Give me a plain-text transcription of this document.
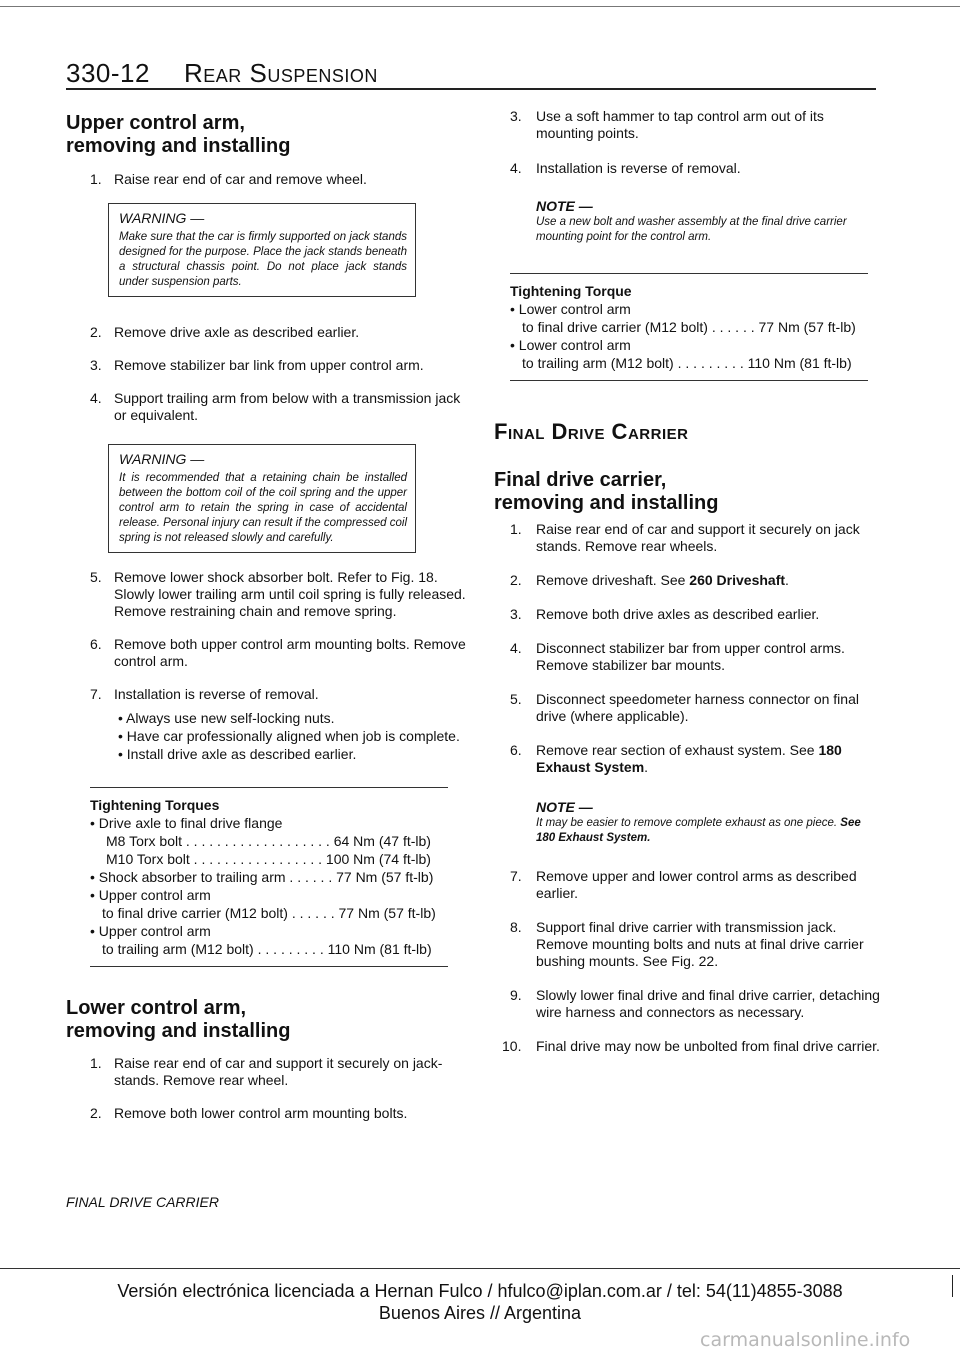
330-12 Rear Suspension
Upper control arm,
removing and installing
1. Raise rear end of car and remove wheel.
WARNING —
Make sure that the car is firmly supported on jack stands designed for the purpose. Place the jack stands beneath a structural chassis point. Do not place jack stands under suspension parts.
2. Remove drive axle as described earlier.
3. Remove stabilizer bar link from upper control arm.
4. Support trailing arm from below with a transmission jack or equivalent.
WARNING —
It is recommended that a retaining chain be installed between the bottom coil of the coil spring and the upper control arm to retain the spring in case of accidental release. Personal injury can result if the compressed coil spring is not released slowly and carefully.
5. Remove lower shock absorber bolt. Refer to Fig. 18. Slowly lower trailing arm until coil spring is fully released. Remove restraining chain and remove spring.
6. Remove both upper control arm mounting bolts. Remove control arm.
7. Installation is reverse of removal.
• Always use new self-locking nuts.
• Have car professionally aligned when job is complete.
• Install drive axle as described earlier.
Tightening Torques
• Drive axle to final drive flange
M8 Torx bolt . . . . . . . . . . . . . . . . . . . 64 Nm (47 ft-lb)
M10 Torx bolt . . . . . . . . . . . . . . . . . 100 Nm (74 ft-lb)
• Shock absorber to trailing arm . . . . . . 77 Nm (57 ft-lb)
• Upper control arm
to final drive carrier (M12 bolt) . . . . . . 77 Nm (57 ft-lb)
• Upper control arm
to trailing arm (M12 bolt) . . . . . . . . . 110 Nm (81 ft-lb)
Lower control arm,
removing and installing
1. Raise rear end of car and support it securely on jack-stands. Remove rear wheel.
2. Remove both lower control arm mounting bolts.
3. Use a soft hammer to tap control arm out of its mounting points.
4. Installation is reverse of removal.
NOTE —
Use a new bolt and washer assembly at the final drive carrier mounting point for the control arm.
Tightening Torque
• Lower control arm
to final drive carrier (M12 bolt) . . . . . . 77 Nm (57 ft-lb)
• Lower control arm
to trailing arm (M12 bolt) . . . . . . . . . 110 Nm (81 ft-lb)
Final Drive Carrier
Final drive carrier,
removing and installing
1. Raise rear end of car and support it securely on jack stands. Remove rear wheels.
2. Remove driveshaft. See 260 Driveshaft.
3. Remove both drive axles as described earlier.
4. Disconnect stabilizer bar from upper control arms. Remove stabilizer bar mounts.
5. Disconnect speedometer harness connector on final drive (where applicable).
6. Remove rear section of exhaust system. See 180 Exhaust System.
NOTE —
It may be easier to remove complete exhaust as one piece. See 180 Exhaust System.
7. Remove upper and lower control arms as described earlier.
8. Support final drive carrier with transmission jack. Remove mounting bolts and nuts at final drive carrier bushing mounts. See Fig. 22.
9. Slowly lower final drive and final drive carrier, detaching wire harness and connectors as necessary.
10. Final drive may now be unbolted from final drive carrier.
FINAL DRIVE CARRIER
Versión electrónica licenciada a Hernan Fulco / hfulco@iplan.com.ar / tel: 54(11)4855-3088
Buenos Aires // Argentina
carmanualsonline.info
